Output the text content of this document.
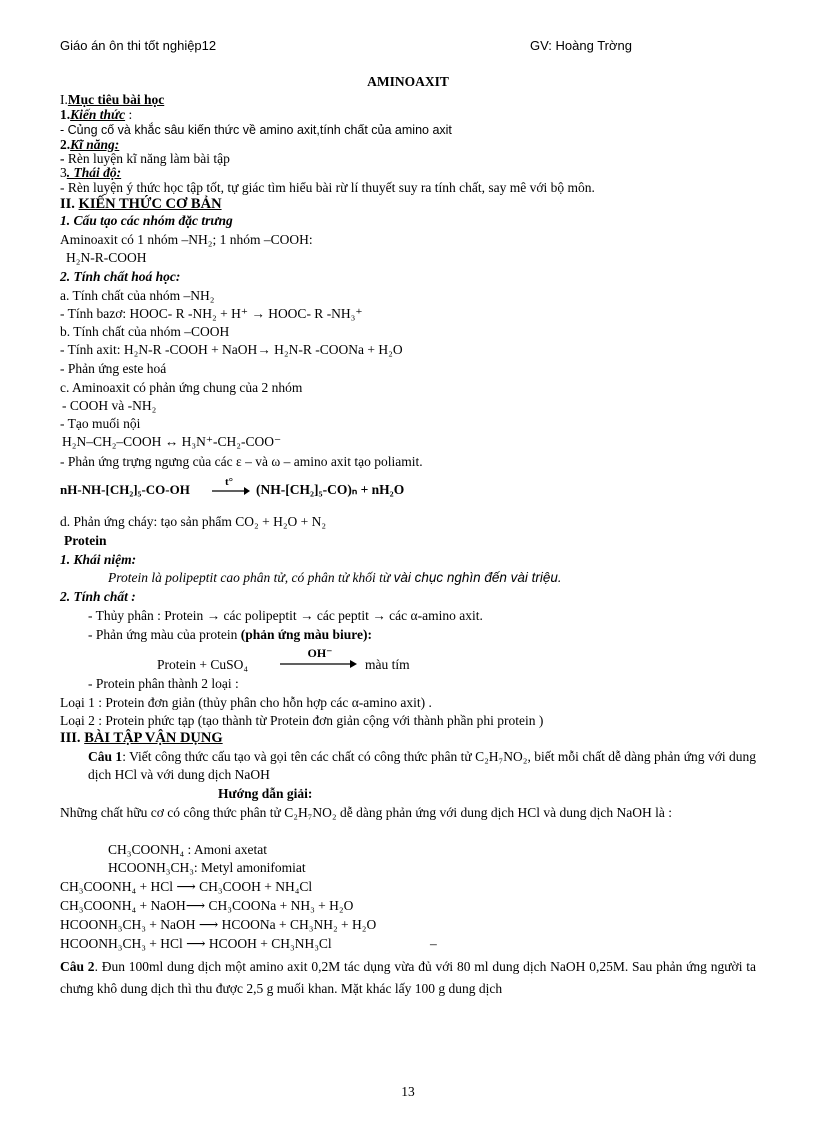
Giáo án ôn thi tốt nghiệp12	GV: Hoàng Trờng
AMINOAXIT
I.Mục tiêu bài học
1.Kiến thức :
- Củng cố và khắc sâu kiến thức về amino axit,tính chất của amino axit
2.Kĩ năng:
- Rèn luyện kĩ năng làm bài tập
3. Thái độ:
- Rèn luyện ý thức học tập tốt, tự giác tìm hiểu bài rừ lí thuyết suy ra tính chất, say mê với bộ môn.
II. KIẾN THỨC CƠ BẢN
1. Cấu tạo các nhóm đặc trưng
Aminoaxit có 1 nhóm –NH₂; 1 nhóm –COOH:
H₂N-R-COOH
2. Tính chất hoá học:
a. Tính chất của nhóm –NH₂
- Tính bazơ: HOOC- R -NH₂ + H⁺ → HOOC- R -NH₃⁺
b. Tính chất của nhóm –COOH
- Tính axit: H₂N-R -COOH + NaOH→ H₂N-R -COONa + H₂O
- Phản ứng este hoá
c. Aminoaxit có phản ứng chung của 2 nhóm
- COOH và -NH₂
- Tạo muối nội
H₂N–CH₂–COOH ↔ H₃N⁺-CH₂-COO⁻
- Phản ứng trựng ngưng của các ε – và ω – amino axit tạo poliamit.
nH-NH-[CH₂]₅-CO-OH	t°	(NH-[CH₂]₅-CO)ₙ + nH₂O
d. Phản ứng cháy: tạo sản phẩm CO₂ + H₂O + N₂
Protein
1. Khái niệm:
Protein là polipeptit cao phân tử, có phân tử khối từ vài chục nghìn đến vài triệu.
2. Tính chất :
- Thủy phân : Protein → các polipeptit → các peptit → các α-amino axit.
- Phản ứng màu của protein (phản ứng màu biure):
Protein + CuSO₄
OH⁻
màu tím
- Protein phân thành 2 loại :
Loại 1 : Protein đơn giản (thủy phân cho hỗn hợp các α-amino axit) .
Loại 2 : Protein phức tạp (tạo thành từ Protein đơn giản cộng với thành phần phi protein )
III. BÀI TẬP VẬN DỤNG
Câu 1: Viết công thức cấu tạo và gọi tên các chất có công thức phân tử C₂H₇NO₂, biết mỗi chất dễ dàng phản ứng với dung dịch HCl và với dung dịch NaOH
Hướng dẫn giải:
Những chất hữu cơ có công thức phân tử C₂H₇NO₂ dễ dàng phản ứng với dung dịch HCl và dung dịch NaOH là :
CH₃COONH₄ : Amoni axetat
HCOONH₃CH₃: Metyl amonifomiat
CH₃COONH₄ + HCl ⟶ CH₃COOH + NH₄Cl
CH₃COONH₄ + NaOH⟶ CH₃COONa + NH₃ + H₂O
HCOONH₃CH₃ + NaOH ⟶ HCOONa + CH₃NH₂ + H₂O
HCOONH₃CH₃ + HCl ⟶ HCOOH + CH₃NH₃Cl	–
Câu 2. Đun 100ml dung dịch một amino axit 0,2M tác dụng vừa đủ với 80 ml dung dịch NaOH 0,25M. Sau phản ứng người ta chưng khô dung dịch thì thu được 2,5 g muối khan. Mặt khác lấy 100 g dung dịch
13
